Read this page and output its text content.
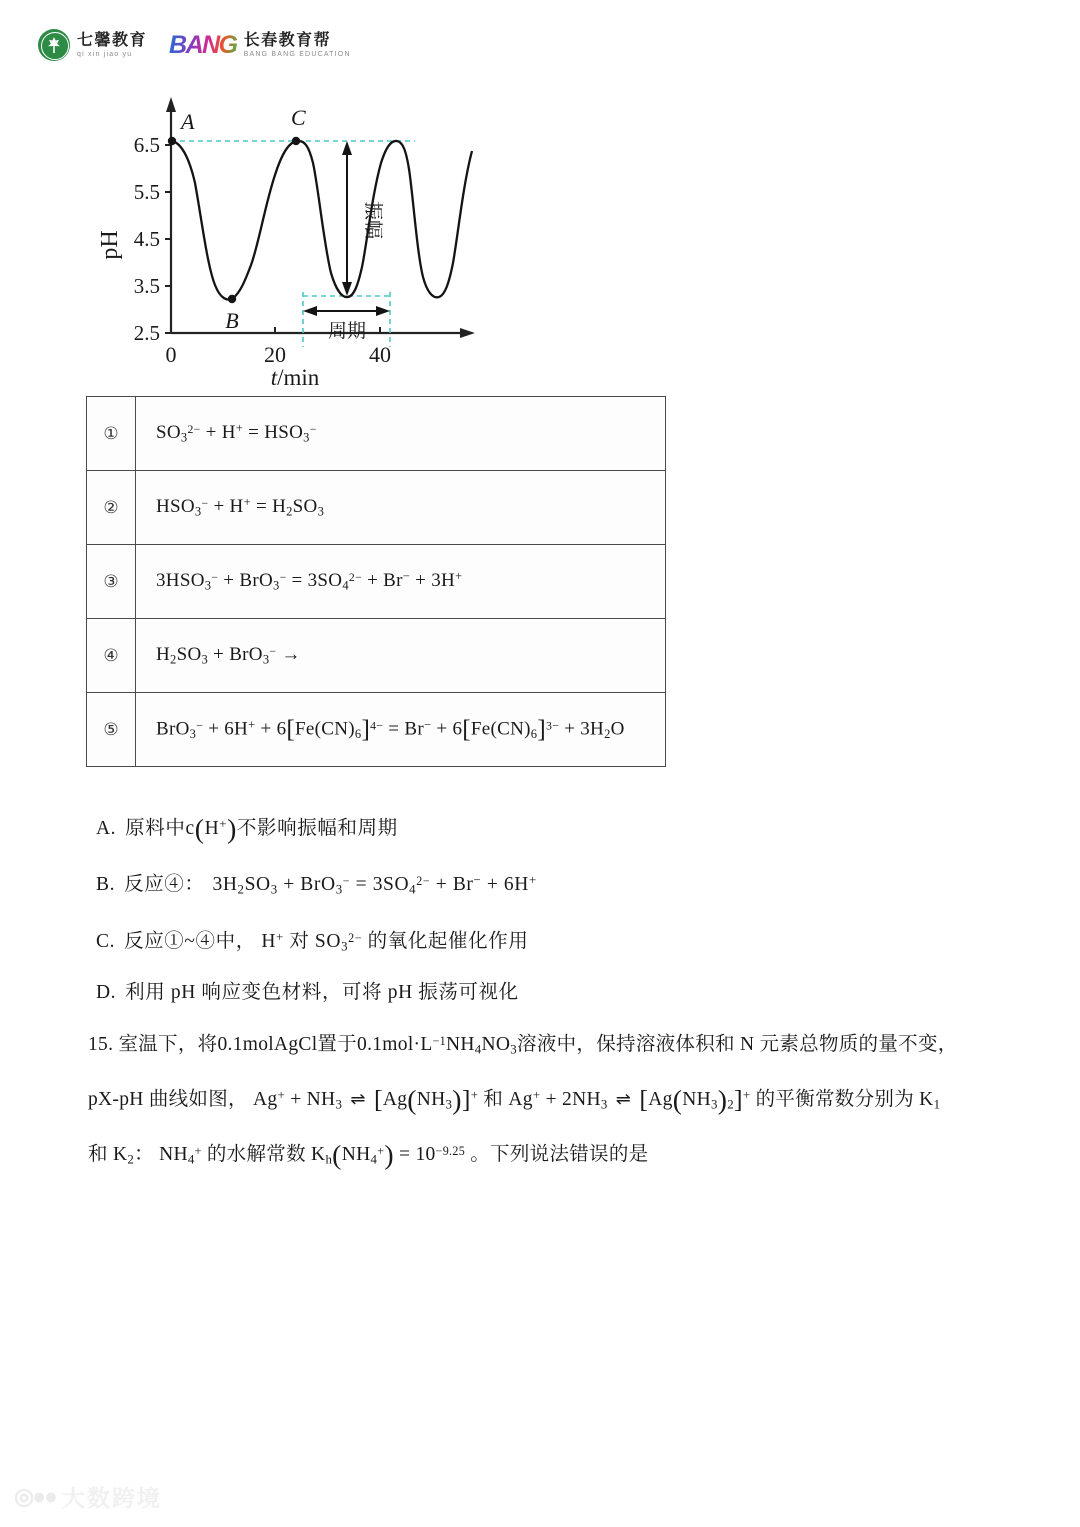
七馨教育
qi xin jiao yu	BANG 长春教育帮
BANG BANG EDUCATION
2.5
3.5
4.5
5.5
6.5
pH
0	20	40
t/min
振幅
周期
A
B
C
①	$SO_3^{2-} + H^+ = HSO_3^-$
②	$HSO_3^- + H^+ = H_2SO_3$
③	$3HSO_3^- + BrO_3^- = 3SO_4^{2-} + Br^- + 3H^+$
④	$H_2SO_3 + BrO_3^-$ →
⑤	$BrO_3^- + 6H^+ + 6[Fe(CN)_6]^{4-} = Br^- + 6[Fe(CN)_6]^{3-} + 3H_2O$
A. 原料中c(H+)不影响振幅和周期
B. 反应④： $3H_2SO_3 + BrO_3^- = 3SO_4^{2-} + Br^- + 6H^+$
C. 反应①~④中， H+ 对 $SO_3^{2-}$ 的氧化起催化作用
D. 利用 pH 响应变色材料，可将 pH 振荡可视化
15. 室温下，将0.1molAgCl置于$0.1mol\cdot L^{-1}NH_4NO_3$溶液中，保持溶液体积和 N 元素总物质的量不变，
pX-pH 曲线如图， $Ag^+ + NH_3$ ⇌ $[Ag(NH_3)]^+$ 和 $Ag^+ + 2NH_3$ ⇌ $[Ag(NH_3)_2]^+$ 的平衡常数分别为 $K_1$
和 $K_2$： $NH_4^+$ 的水解常数 $K_h(NH_4^+) = 10^{-9.25}$ 。下列说法错误的是
◎●● 大数跨境
